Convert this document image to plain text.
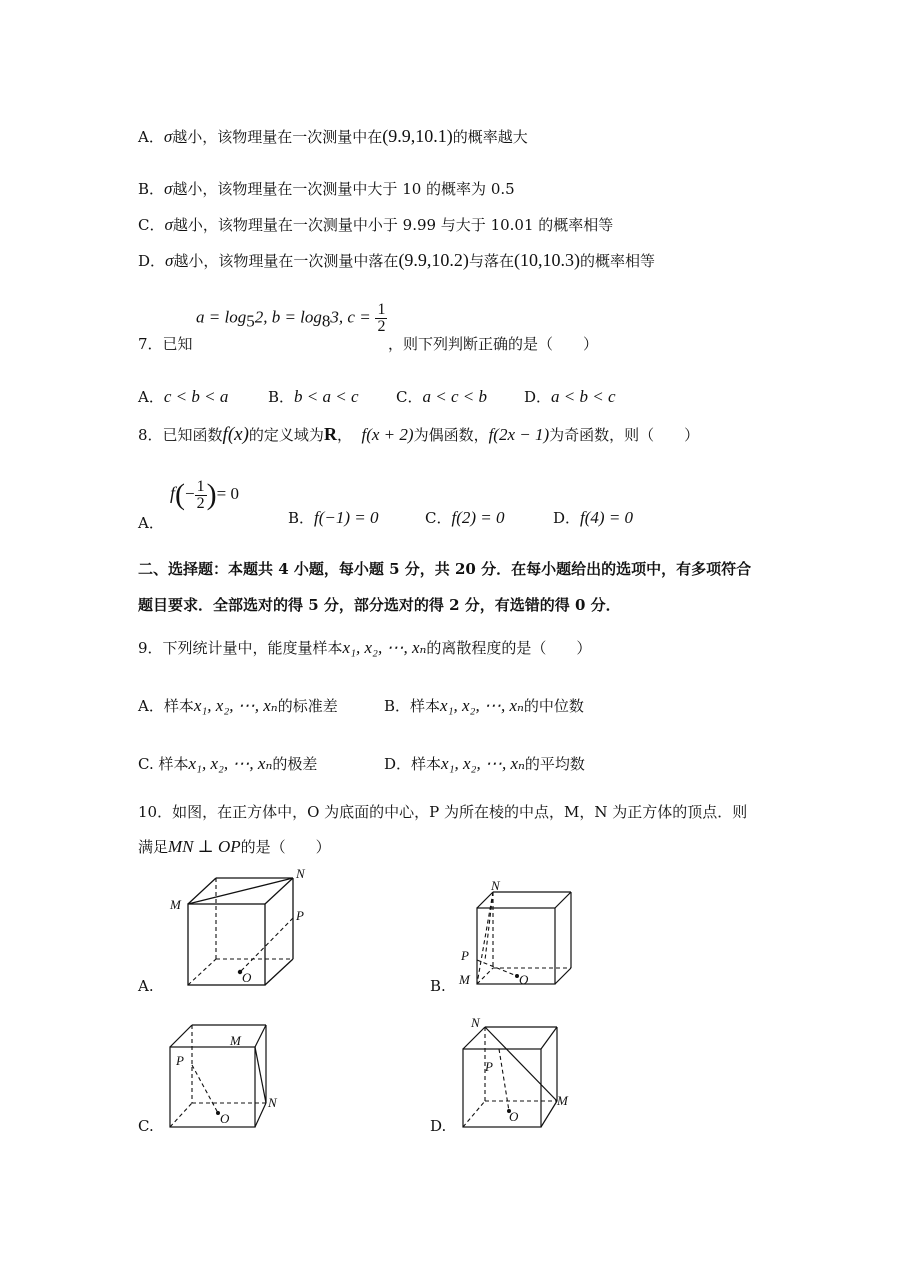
A．σ越小，该物理量在一次测量中在(9.9,10.1)的概率越大
B．σ越小，该物理量在一次测量中大于 10 的概率为 0.5
C．σ越小，该物理量在一次测量中小于 9.99 与大于 10.01 的概率相等
D．σ越小，该物理量在一次测量中落在(9.9,10.2)与落在(10,10.3)的概率相等
7．已知
$a = \log_52$, $b = \log_83$, $c = \frac{1}{2}$
，则下列判断正确的是（　　）
A．c < b < a	B．b < a < c C．a < c < b D．a < b < c
8．已知函数f(x)的定义域为R， f(x + 2)为偶函数，f(2x − 1)为奇函数，则（　　）
A．
$f(- \frac{1}{2}$ )= 0
B．f(−1) = 0	C．f(2) = 0	D．f(4) = 0
二、选择题：本题共 4 小题，每小题 5 分，共 20 分．在每小题给出的选项中，有多项符合
题目要求．全部选对的得 5 分，部分选对的得 2 分，有选错的得 0 分．
9．下列统计量中，能度量样本x₁, x₂, ⋯, xₙ的离散程度的是（　　）
A．样本x₁, x₂, ⋯, xₙ的标准差	B．样本x₁, x₂, ⋯, xₙ的中位数
C. 样本x₁, x₂, ⋯, xₙ的极差	D．样本x₁, x₂, ⋯, xₙ的平均数
10．如图，在正方体中，O 为底面的中心，P 为所在棱的中点，M，N 为正方体的顶点．则
满足MN ⊥ OP的是（　　）
A.
M
N
P
O	B.
N
P
M	O
C.
M
P
N
O	D.
N
P
M
O
